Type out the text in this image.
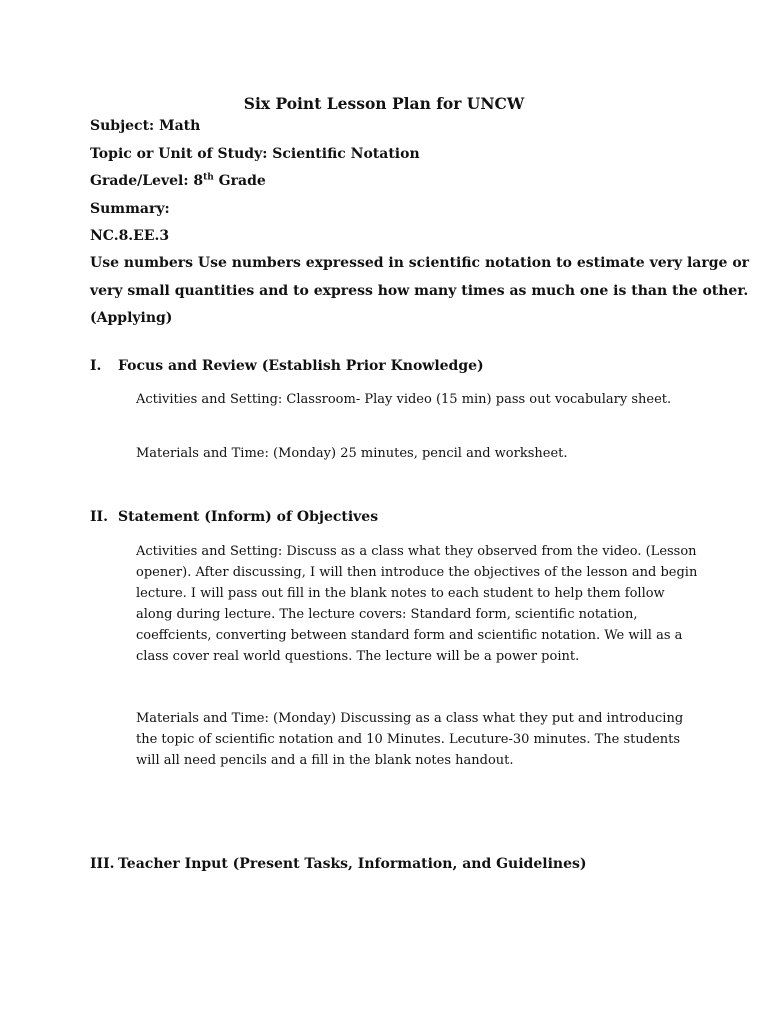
Six Point Lesson Plan for UNCW
Subject: Math
Topic or Unit of Study: Scientific Notation
Grade/Level: 8th Grade
Summary:
NC.8.EE.3
Use numbers Use numbers expressed in scientific notation to estimate very large or
very small quantities and to express how many times as much one is than the other.
(Applying)
I. Focus and Review (Establish Prior Knowledge)
Activities and Setting: Classroom- Play video (15 min) pass out vocabulary sheet.
Materials and Time: (Monday) 25 minutes, pencil and worksheet.
II. Statement (Inform) of Objectives
Activities and Setting: Discuss as a class what they observed from the video. (Lesson
opener). After discussing, I will then introduce the objectives of the lesson and begin
lecture. I will pass out fill in the blank notes to each student to help them follow
along during lecture. The lecture covers: Standard form, scientific notation,
coeffcients, converting between standard form and scientific notation. We will as a
class cover real world questions. The lecture will be a power point.
Materials and Time: (Monday) Discussing as a class what they put and introducing
the topic of scientific notation and 10 Minutes. Lecuture-30 minutes. The students
will all need pencils and a fill in the blank notes handout.
III. Teacher Input (Present Tasks, Information, and Guidelines)
